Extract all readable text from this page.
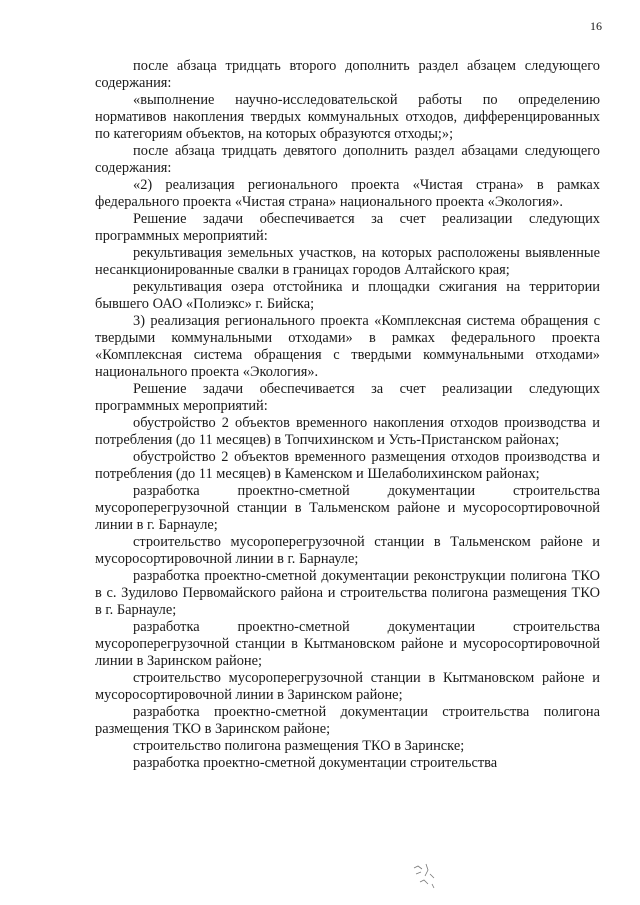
16

после абзаца тридцать второго дополнить раздел абзацем следующего содержания:

«выполнение научно-исследовательской работы по определению нормативов накопления твердых коммунальных отходов, дифференцированных по категориям объектов, на которых образуются отходы;»;

после абзаца тридцать девятого дополнить раздел абзацами следующего содержания:

«2) реализация регионального проекта «Чистая страна» в рамках федерального проекта «Чистая страна» национального проекта «Экология».

Решение задачи обеспечивается за счет реализации следующих программных мероприятий:

рекультивация земельных участков, на которых расположены выявленные несанкционированные свалки в границах городов Алтайского края;

рекультивация озера отстойника и площадки сжигания на территории бывшего ОАО «Полиэкс» г. Бийска;

3) реализация регионального проекта «Комплексная система обращения с твердыми коммунальными отходами» в рамках федерального проекта «Комплексная система обращения с твердыми коммунальными отходами» национального проекта «Экология».

Решение задачи обеспечивается за счет реализации следующих программных мероприятий:

обустройство 2 объектов временного накопления отходов производства и потребления (до 11 месяцев) в Топчихинском и Усть-Пристанском районах;

обустройство 2 объектов временного размещения отходов производства и потребления (до 11 месяцев) в Каменском и Шелаболихинском районах;

разработка проектно-сметной документации строительства мусороперегрузочной станции в Тальменском районе и мусоросортировочной линии в г. Барнауле;

строительство мусороперегрузочной станции в Тальменском районе и мусоросортировочной линии в г. Барнауле;

разработка проектно-сметной документации реконструкции полигона ТКО в с. Зудилово Первомайского района и строительства полигона размещения ТКО в г. Барнауле;

разработка проектно-сметной документации строительства мусороперегрузочной станции в Кытмановском районе и мусоросортировочной линии в Заринском районе;

строительство мусороперегрузочной станции в Кытмановском районе и мусоросортировочной линии в Заринском районе;

разработка проектно-сметной документации строительства полигона размещения ТКО в Заринском районе;

строительство полигона размещения ТКО в Заринске;

разработка проектно-сметной документации строительства
